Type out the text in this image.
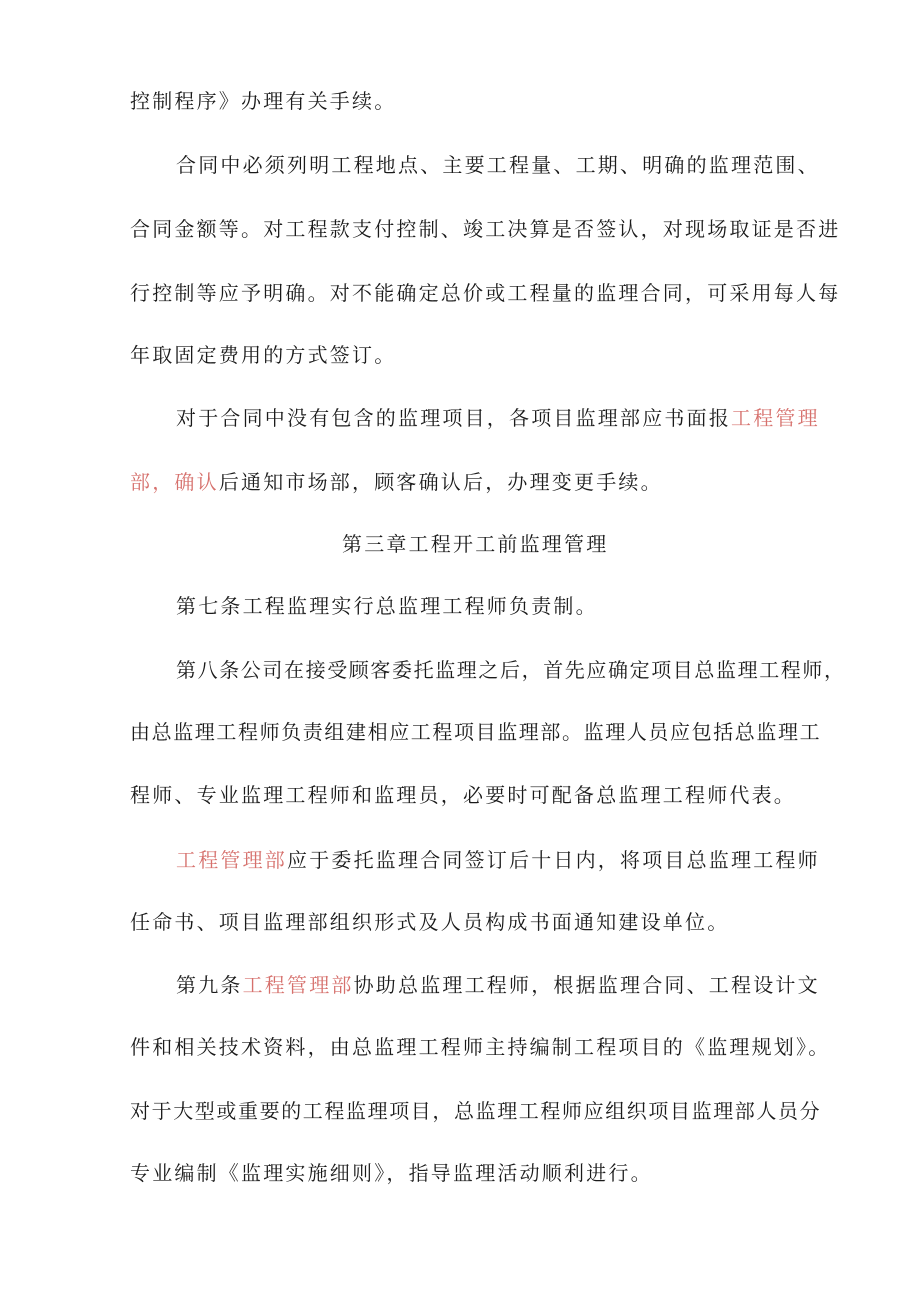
控制程序》办理有关手续。
合同中必须列明工程地点、主要工程量、工期、明确的监理范围、
合同金额等。对工程款支付控制、竣工决算是否签认，对现场取证是否进
行控制等应予明确。对不能确定总价或工程量的监理合同，可采用每人每
年取固定费用的方式签订。
对于合同中没有包含的监理项目，各项目监理部应书面报工程管理
部，确认后通知市场部，顾客确认后，办理变更手续。
第三章工程开工前监理管理
第七条工程监理实行总监理工程师负责制。
第八条公司在接受顾客委托监理之后，首先应确定项目总监理工程师，
由总监理工程师负责组建相应工程项目监理部。监理人员应包括总监理工
程师、专业监理工程师和监理员，必要时可配备总监理工程师代表。
工程管理部应于委托监理合同签订后十日内，将项目总监理工程师
任命书、项目监理部组织形式及人员构成书面通知建设单位。
第九条工程管理部协助总监理工程师，根据监理合同、工程设计文
件和相关技术资料，由总监理工程师主持编制工程项目的《监理规划》。
对于大型或重要的工程监理项目，总监理工程师应组织项目监理部人员分
专业编制《监理实施细则》，指导监理活动顺利进行。
